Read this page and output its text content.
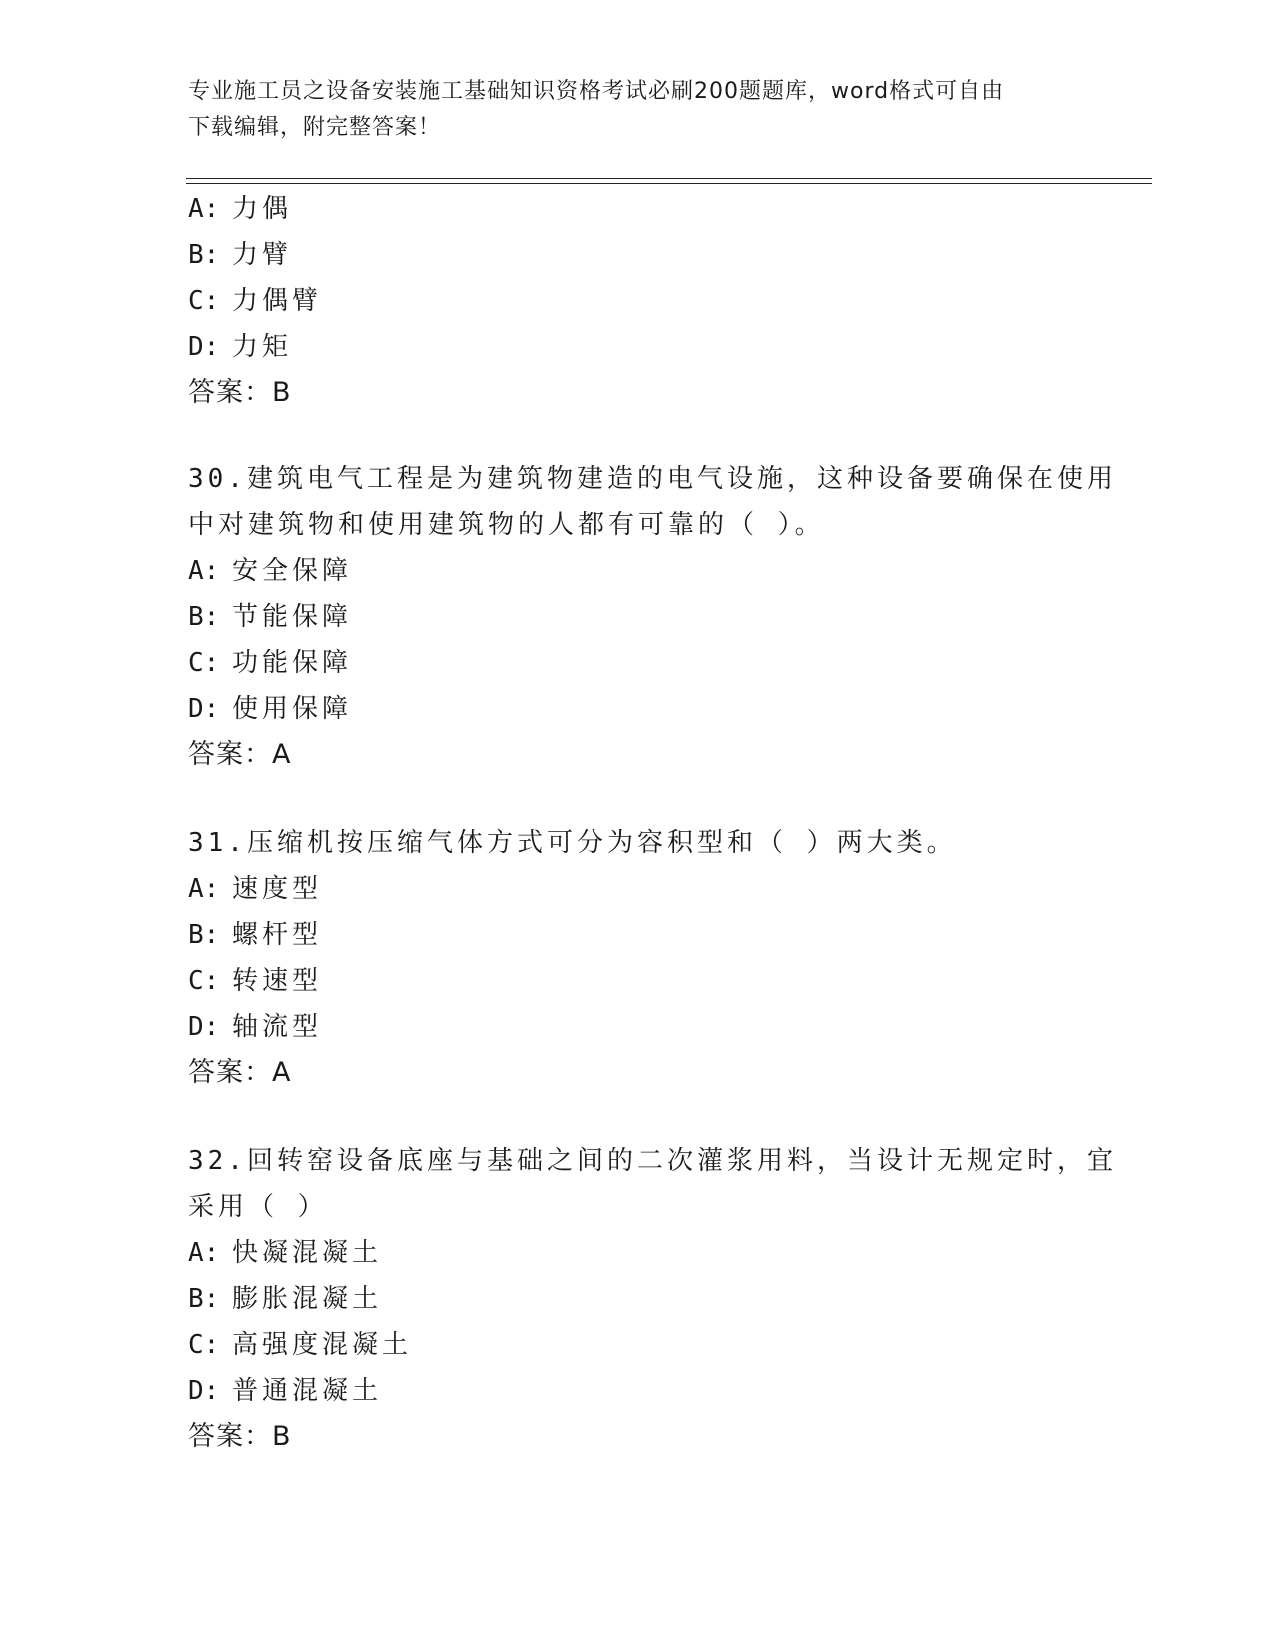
专业施工员之设备安装施工基础知识资格考试必刷200题题库，word格式可自由
下载编辑，附完整答案！
A: 力偶
B: 力臂
C: 力偶臂
D: 力矩
答案：B
30.建筑电气工程是为建筑物建造的电气设施，这种设备要确保在使用
中对建筑物和使用建筑物的人都有可靠的（ ）。
A: 安全保障
B: 节能保障
C: 功能保障
D: 使用保障
答案：A
31.压缩机按压缩气体方式可分为容积型和（ ）两大类。
A: 速度型
B: 螺杆型
C: 转速型
D: 轴流型
答案：A
32.回转窑设备底座与基础之间的二次灌浆用料，当设计无规定时，宜
采用（ ）
A: 快凝混凝土
B: 膨胀混凝土
C: 高强度混凝土
D: 普通混凝土
答案：B
